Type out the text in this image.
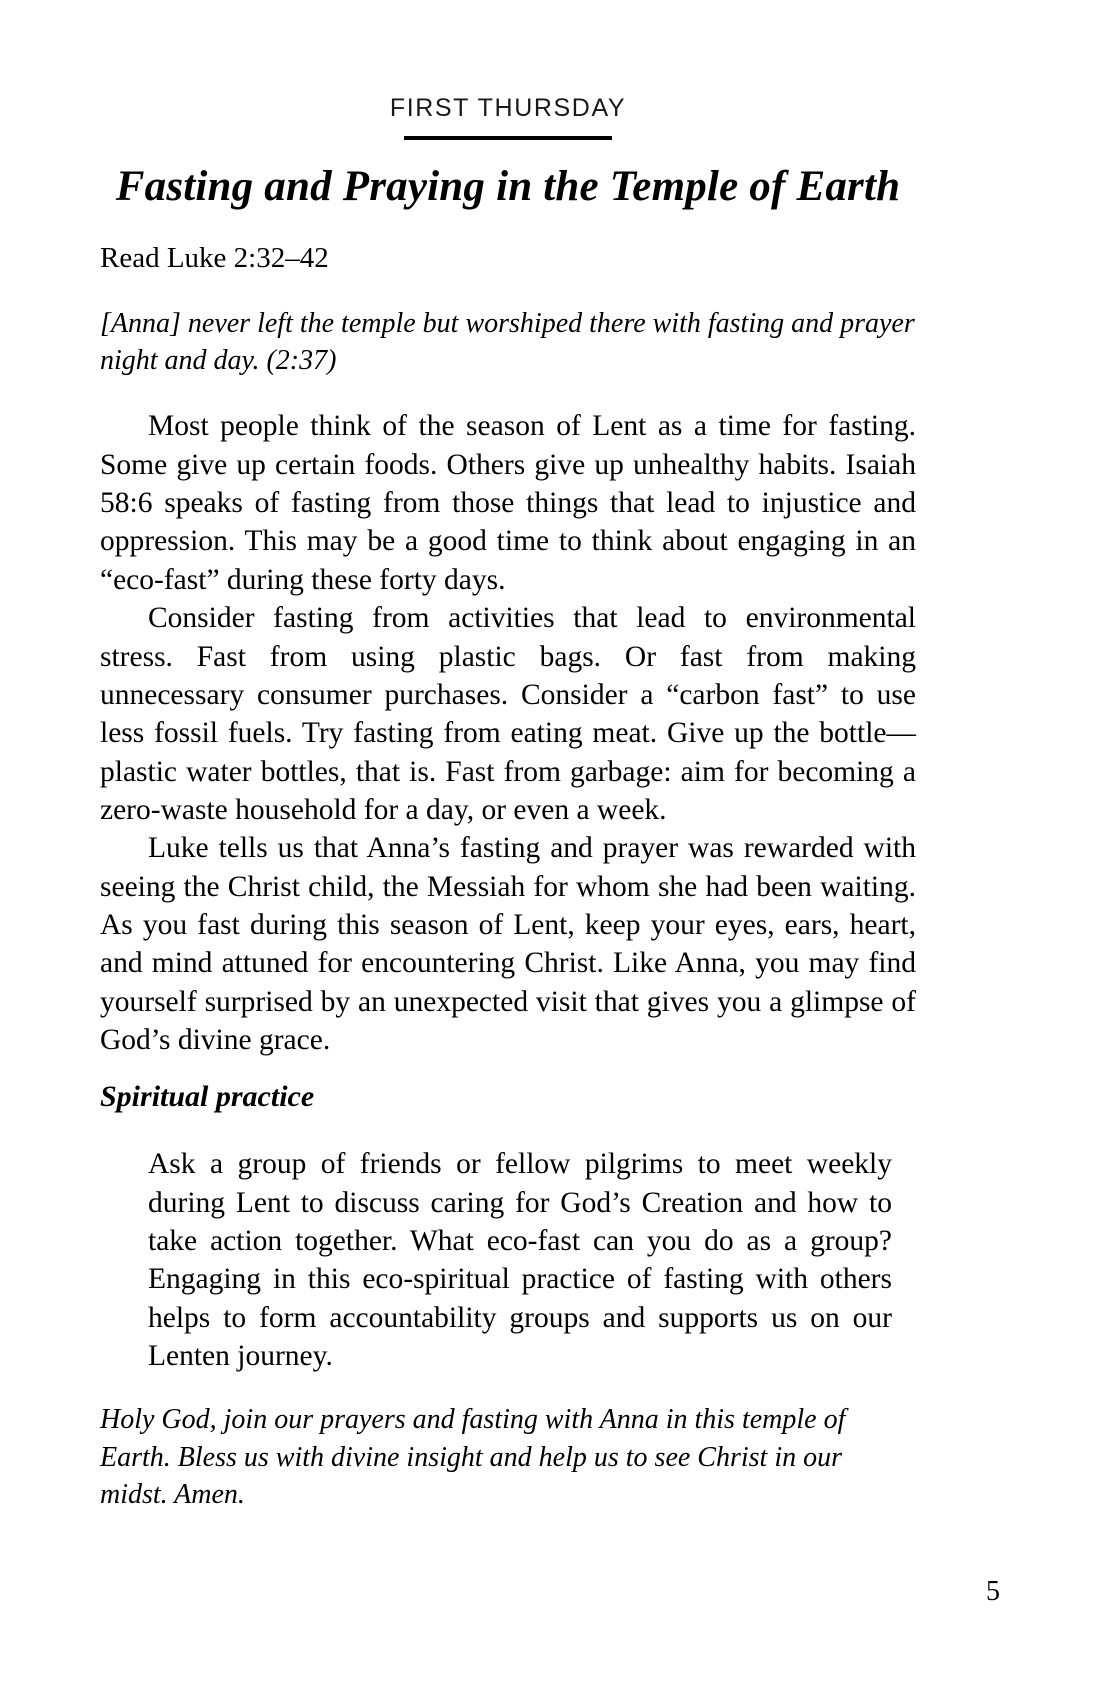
FIRST THURSDAY
Fasting and Praying in the Temple of Earth

Read Luke 2:32–42

[Anna] never left the temple but worshiped there with fasting and prayer night and day. (2:37)

Most people think of the season of Lent as a time for fasting. Some give up certain foods. Others give up unhealthy habits. Isaiah 58:6 speaks of fasting from those things that lead to injustice and oppression. This may be a good time to think about engaging in an “eco-fast” during these forty days.

Consider fasting from activities that lead to environmental stress. Fast from using plastic bags. Or fast from making unnecessary consumer purchases. Consider a “carbon fast” to use less fossil fuels. Try fasting from eating meat. Give up the bottle—plastic water bottles, that is. Fast from garbage: aim for becoming a zero-waste household for a day, or even a week.

Luke tells us that Anna’s fasting and prayer was rewarded with seeing the Christ child, the Messiah for whom she had been waiting. As you fast during this season of Lent, keep your eyes, ears, heart, and mind attuned for encountering Christ. Like Anna, you may find yourself surprised by an unexpected visit that gives you a glimpse of God’s divine grace.

Spiritual practice

Ask a group of friends or fellow pilgrims to meet weekly during Lent to discuss caring for God’s Creation and how to take action together. What eco-fast can you do as a group? Engaging in this eco-spiritual practice of fasting with others helps to form accountability groups and supports us on our Lenten journey.

Holy God, join our prayers and fasting with Anna in this temple of Earth. Bless us with divine insight and help us to see Christ in our midst. Amen.

5
